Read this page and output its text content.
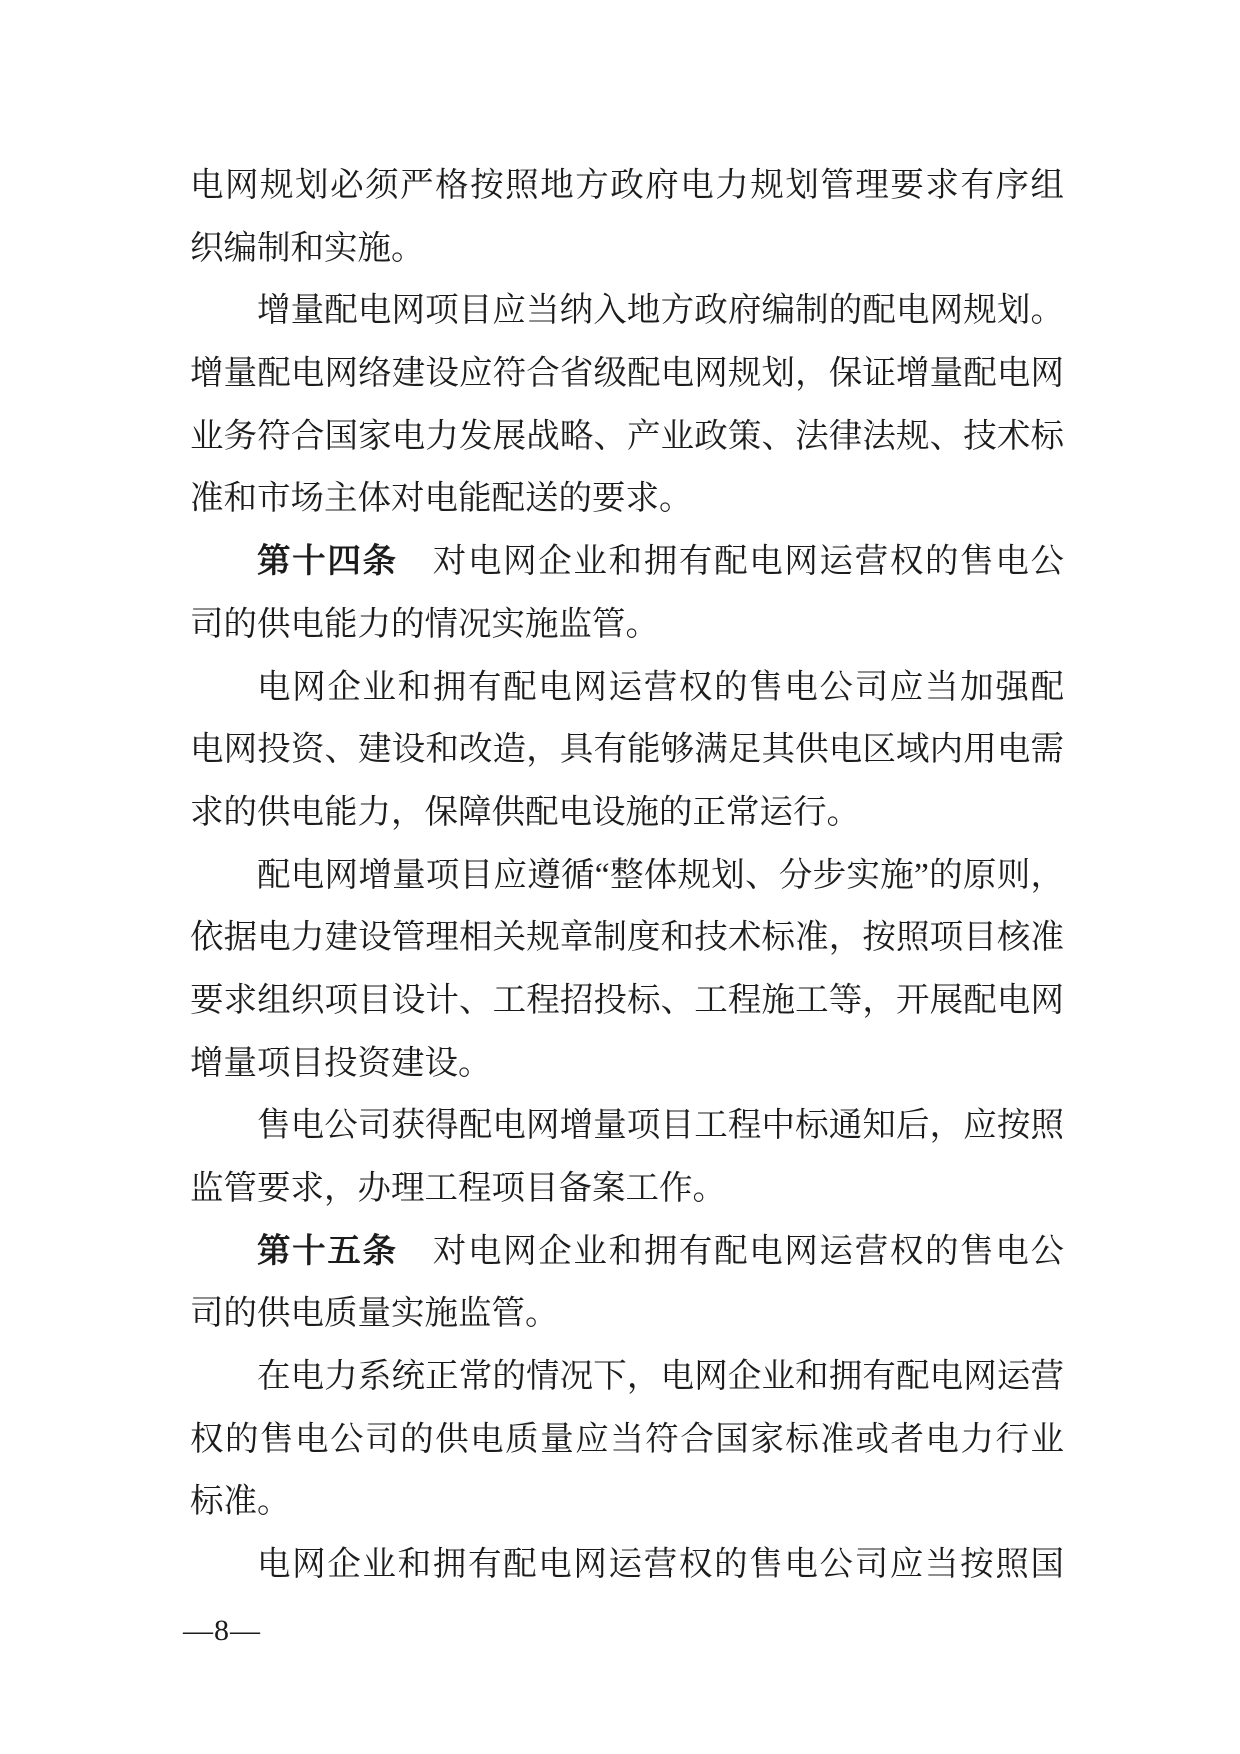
电网规划必须严格按照地方政府电力规划管理要求有序组
织编制和实施。
增量配电网项目应当纳入地方政府编制的配电网规划。
增量配电网络建设应符合省级配电网规划，保证增量配电网
业务符合国家电力发展战略、产业政策、法律法规、技术标
准和市场主体对电能配送的要求。
第十四条　对电网企业和拥有配电网运营权的售电公
司的供电能力的情况实施监管。
电网企业和拥有配电网运营权的售电公司应当加强配
电网投资、建设和改造，具有能够满足其供电区域内用电需
求的供电能力，保障供配电设施的正常运行。
配电网增量项目应遵循“整体规划、分步实施”的原则，
依据电力建设管理相关规章制度和技术标准，按照项目核准
要求组织项目设计、工程招投标、工程施工等，开展配电网
增量项目投资建设。
售电公司获得配电网增量项目工程中标通知后，应按照
监管要求，办理工程项目备案工作。
第十五条　对电网企业和拥有配电网运营权的售电公
司的供电质量实施监管。
在电力系统正常的情况下，电网企业和拥有配电网运营
权的售电公司的供电质量应当符合国家标准或者电力行业
标准。
电网企业和拥有配电网运营权的售电公司应当按照国
—8—
